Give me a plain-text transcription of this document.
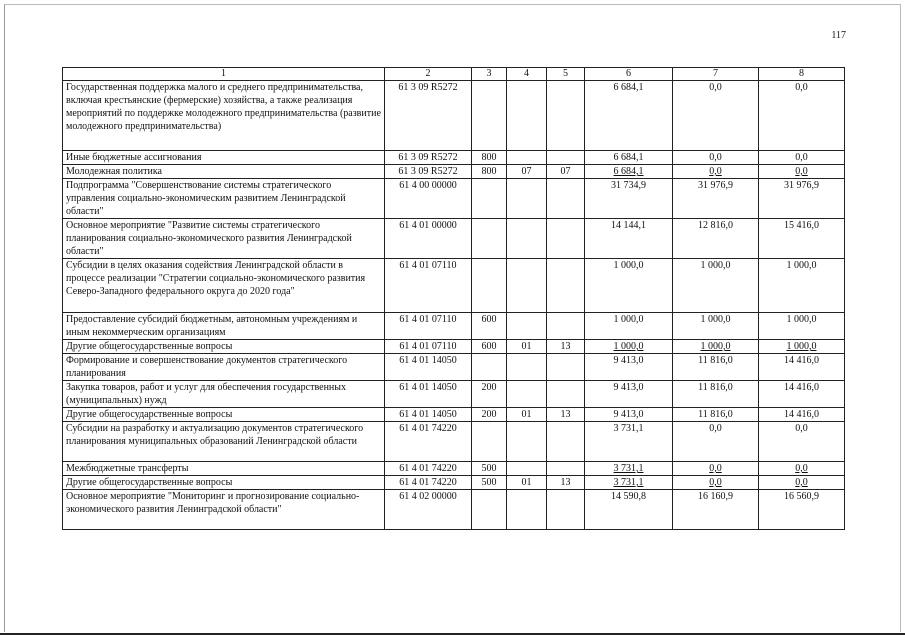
117
1	2	3	4	5	6	7	8
Государственная поддержка малого и среднего предпринимательства, включая крестьянские (фермерские) хозяйства, а также реализация мероприятий по поддержке молодежного предпринимательства (развитие молодежного предпринимательства)	61 3 09 R5272				6 684,1	0,0	0,0
Иные бюджетные ассигнования	61 3 09 R5272	800			6 684,1	0,0	0,0
Молодежная политика	61 3 09 R5272	800	07	07	6 684,1	0,0	0,0
Подпрограмма "Совершенствование системы стратегического управления социально-экономическим развитием Ленинградской области"	61 4 00 00000				31 734,9	31 976,9	31 976,9
Основное мероприятие "Развитие системы стратегического планирования социально-экономического развития Ленинградской области"	61 4 01 00000				14 144,1	12 816,0	15 416,0
Субсидии в целях оказания содействия Ленинградской области в процессе реализации "Стратегии социально-экономического развития Северо-Западного федерального округа до 2020 года"	61 4 01 07110				1 000,0	1 000,0	1 000,0
Предоставление субсидий бюджетным, автономным учреждениям и иным некоммерческим организациям	61 4 01 07110	600			1 000,0	1 000,0	1 000,0
Другие общегосударственные вопросы	61 4 01 07110	600	01	13	1 000,0	1 000,0	1 000,0
Формирование и совершенствование документов стратегического планирования	61 4 01 14050				9 413,0	11 816,0	14 416,0
Закупка товаров, работ и услуг для обеспечения государственных (муниципальных) нужд	61 4 01 14050	200			9 413,0	11 816,0	14 416,0
Другие общегосударственные вопросы	61 4 01 14050	200	01	13	9 413,0	11 816,0	14 416,0
Субсидии на разработку и актуализацию документов стратегического планирования муниципальных образований Ленинградской области	61 4 01 74220				3 731,1	0,0	0,0
Межбюджетные трансферты	61 4 01 74220	500			3 731,1	0,0	0,0
Другие общегосударственные вопросы	61 4 01 74220	500	01	13	3 731,1	0,0	0,0
Основное мероприятие "Мониторинг и прогнозирование социально-экономического развития Ленинградской области"	61 4 02 00000				14 590,8	16 160,9	16 560,9
